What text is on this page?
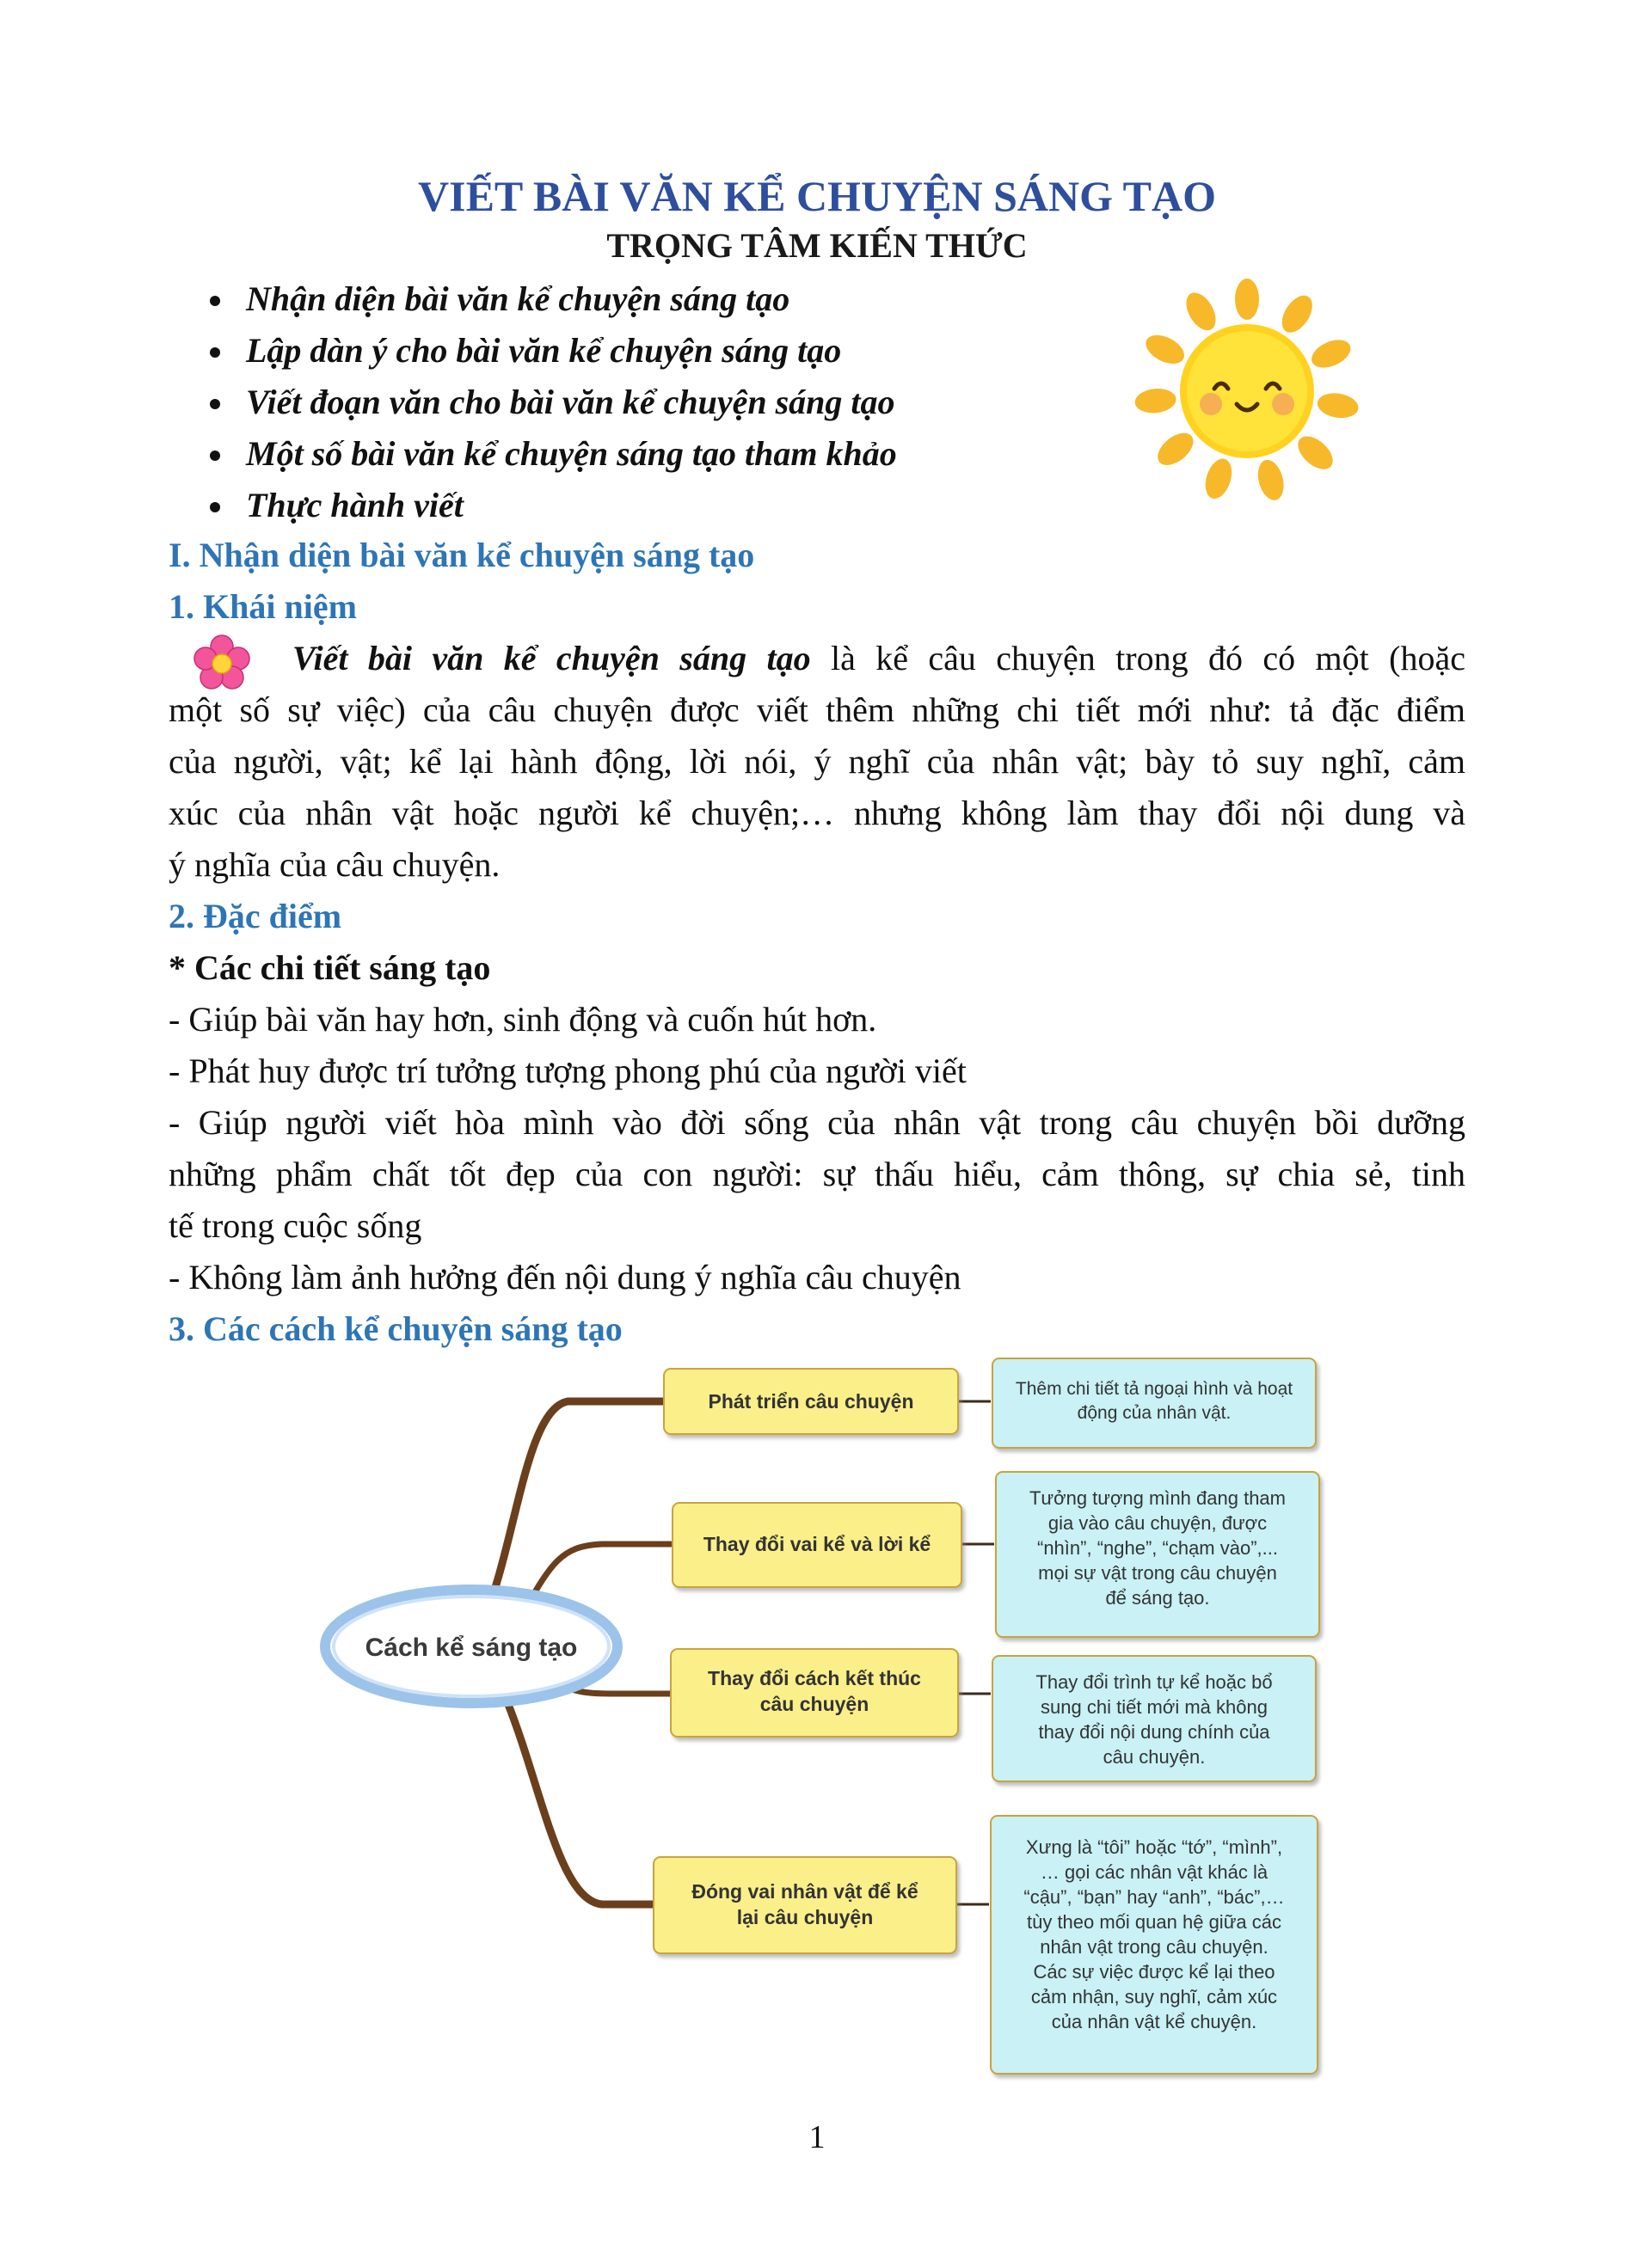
VIẾT BÀI VĂN KỂ CHUYỆN SÁNG TẠO
TRỌNG TÂM KIẾN THỨC
Nhận diện bài văn kể chuyện sáng tạo
Lập dàn ý cho bài văn kể chuyện sáng tạo
Viết đoạn văn cho bài văn kể chuyện sáng tạo
Một số bài văn kể chuyện sáng tạo tham khảo
Thực hành viết
I. Nhận diện bài văn kể chuyện sáng tạo
1. Khái niệm
Viết bài văn kể chuyện sáng tạo là kể câu chuyện trong đó có một (hoặc
một số sự việc) của câu chuyện được viết thêm những chi tiết mới như: tả đặc điểm
của người, vật; kể lại hành động, lời nói, ý nghĩ của nhân vật; bày tỏ suy nghĩ, cảm
xúc của nhân vật hoặc người kể chuyện;… nhưng không làm thay đổi nội dung và
ý nghĩa của câu chuyện.
2. Đặc điểm
* Các chi tiết sáng tạo
- Giúp bài văn hay hơn, sinh động và cuốn hút hơn.
- Phát huy được trí tưởng tượng phong phú của người viết
- Giúp người viết hòa mình vào đời sống của nhân vật trong câu chuyện bồi dưỡng
những phẩm chất tốt đẹp của con người: sự thấu hiểu, cảm thông, sự chia sẻ, tinh
tế trong cuộc sống
- Không làm ảnh hưởng đến nội dung ý nghĩa câu chuyện
3. Các cách kể chuyện sáng tạo
Cách kể sáng tạo
Phát triển câu chuyện
Thay đổi vai kể và lời kể
Thay đổi cách kết thúc
câu chuyện
Đóng vai nhân vật để kể
lại câu chuyện
Thêm chi tiết tả ngoại hình và hoạt
động của nhân vật.
Tưởng tượng mình đang tham
gia vào câu chuyện, được
“nhìn”, “nghe”, “chạm vào”,...
mọi sự vật trong câu chuyện
để sáng tạo.
Thay đổi trình tự kể hoặc bổ
sung chi tiết mới mà không
thay đổi nội dung chính của
câu chuyện.
Xưng là “tôi” hoặc “tớ”, “mình”,
… gọi các nhân vật khác là
“cậu”, “bạn” hay “anh”, “bác”,…
tùy theo mối quan hệ giữa các
nhân vật trong câu chuyện.
Các sự việc được kể lại theo
cảm nhận, suy nghĩ, cảm xúc
của nhân vật kể chuyện.
1
